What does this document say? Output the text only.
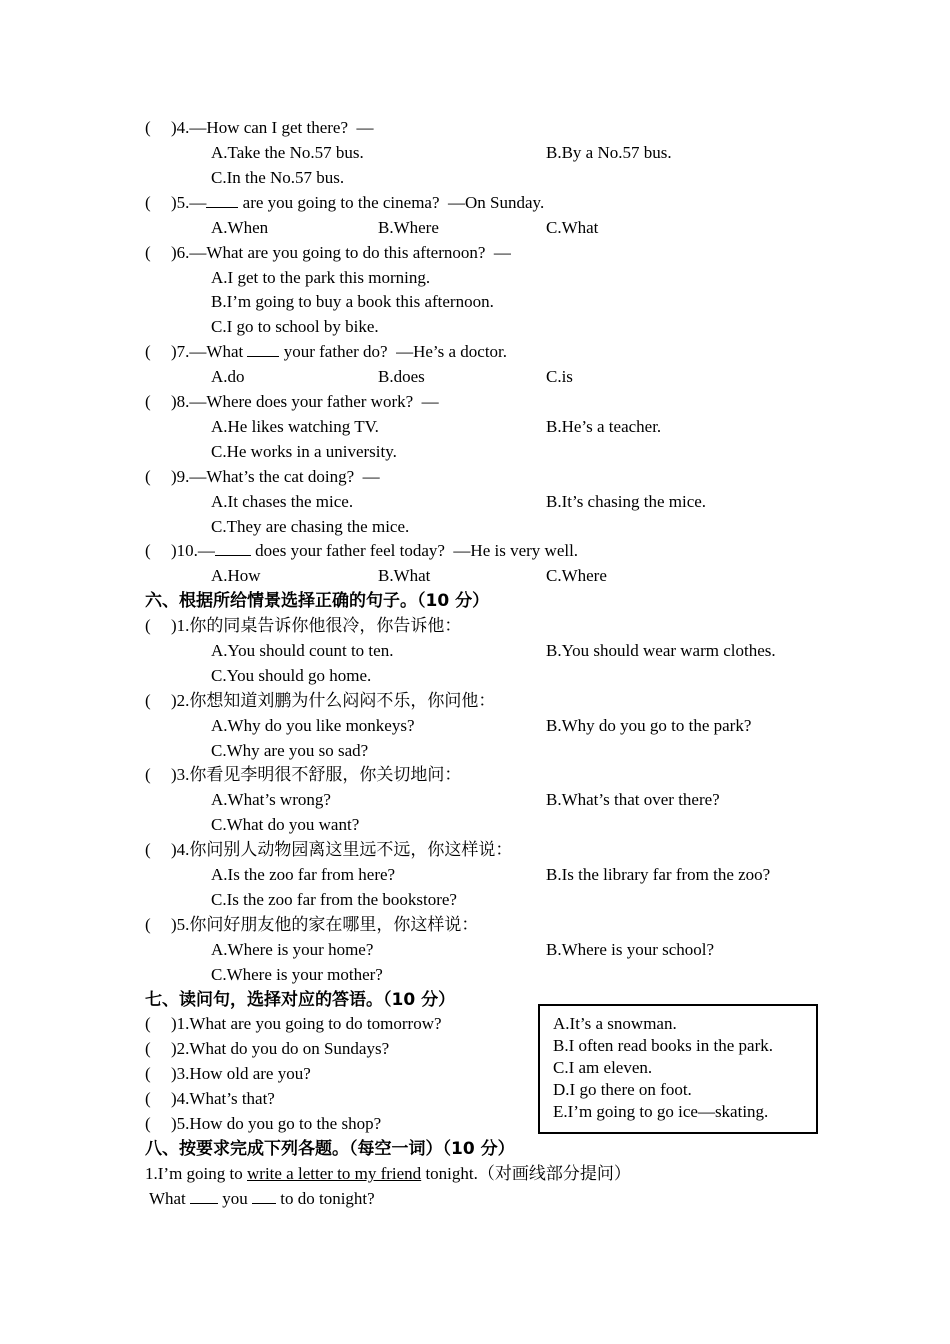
( )4.—How can I get there?  —
A.Take the No.57 bus.	B.By a No.57 bus.
C.In the No.57 bus.
( )5.— are you going to the cinema?  —On Sunday.
A.When	B.Where	C.What
( )6.—What are you going to do this afternoon?  —
A.I get to the park this morning.
B.I’m going to buy a book this afternoon.
C.I go to school by bike.
( )7.—What  your father do?  —He’s a doctor.
A.do	B.does	C.is
( )8.—Where does your father work?  —
A.He likes watching TV.	B.He’s a teacher.
C.He works in a university.
( )9.—What’s the cat doing?  —
A.It chases the mice.	B.It’s chasing the mice.
C.They are chasing the mice.
( )10.— does your father feel today?  —He is very well.
A.How	B.What	C.Where
六、根据所给情景选择正确的句子。（10 分）
( )1.你的同桌告诉你他很冷，你告诉他：
A.You should count to ten.	B.You should wear warm clothes.
C.You should go home.
( )2.你想知道刘鹏为什么闷闷不乐，你问他：
A.Why do you like monkeys?	B.Why do you go to the park?
C.Why are you so sad?
( )3.你看见李明很不舒服，你关切地问：
A.What’s wrong?	B.What’s that over there?
C.What do you want?
( )4.你问别人动物园离这里远不远，你这样说：
A.Is the zoo far from here?	B.Is the library far from the zoo?
C.Is the zoo far from the bookstore?
( )5.你问好朋友他的家在哪里，你这样说：
A.Where is your home?	B.Where is your school?
C.Where is your mother?
七、读问句，选择对应的答语。（10 分）
( )1.What are you going to do tomorrow?
( )2.What do you do on Sundays?
( )3.How old are you?
( )4.What’s that?
( )5.How do you go to the shop?
A.It’s a snowman.
B.I often read books in the park.
C.I am eleven.
D.I go there on foot.
E.I’m going to go ice—skating.
八、按要求完成下列各题。（每空一词）（10 分）
1.I’m going to write a letter to my friend tonight.（对画线部分提问）
What  you  to do tonight?
